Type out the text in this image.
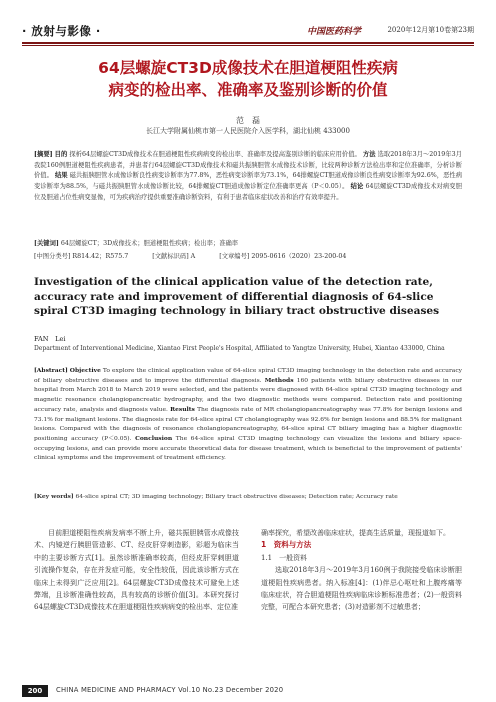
· 放射与影像 ·	中国医药科学	2020年12月第10卷第23期
64层螺旋CT3D成像技术在胆道梗阻性疾病
病变的检出率、准确率及鉴别诊断的价值
范　磊
长江大学附属仙桃市第一人民医院介入医学科，湖北仙桃 433000
[摘要] 目的 探析64层螺旋CT3D成像技术在胆道梗阻性疾病病变的检出率、准确率及提高鉴别诊断的临床应用价值。 方法 选取2018年3月～2019年3月我院160例胆道梗阻性疾病患者，并患者行64层螺旋CT3D成像技术和磁共振胰胆管水成像技术诊断，比较两种诊断方法检出率和定位准确率，分析诊断价值。 结果 磁共振胰胆管水成像诊断良性病变诊断率为77.8%，恶性病变诊断率为73.1%，64排螺旋CT胆道成像诊断良性病变诊断率为92.6%，恶性病变诊断率为88.5%，与磁共振胰胆管水成像诊断比较，64排螺旋CT胆道成像诊断定位准确率更高（P＜0.05）。 结论 64层螺旋CT3D成像技术对病变胆位及胆道占位性病变显像，可为疾病治疗提供重要准确诊断资料，有利于患者临床症状改善和治疗有效率提升。
[关键词] 64层螺旋CT；3D成像技术；胆道梗阻性疾病；检出率；准确率
[中图分类号] R814.42；R575.7	[文献标识码] A	[文章编号] 2095-0616（2020）23-200-04
Investigation of the clinical application value of the detection rate, accuracy rate and improvement of differential diagnosis of 64-slice spiral CT3D imaging technology in biliary tract obstructive diseases
FAN　Lei
Department of Interventional Medicine, Xiantao First People's Hospital, Affiliated to Yangtze University, Hubei, Xiantao 433000, China
[Abstract] Objective To explore the clinical application value of 64-slice spiral CT3D imaging technology in the detection rate and accuracy of biliary obstructive diseases and to improve the differential diagnosis. Methods 160 patients with biliary obstructive diseases in our hospital from March 2018 to March 2019 were selected, and the patients were diagnosed with 64-slice spiral CT3D imaging technology and magnetic resonance cholangiopancreatic hydrography, and the two diagnostic methods were compared. Detection rate and positioning accuracy rate, analysis and diagnosis value. Results The diagnosis rate of MR cholangiopancreatography was 77.8% for benign lesions and 73.1% for malignant lesions. The diagnosis rate for 64-slice spiral CT cholangiography was 92.6% for benign lesions and 88.5% for malignant lesions. Compared with the diagnosis of resonance cholangiopancreatography, 64-slice spiral CT biliary imaging has a higher diagnostic positioning accuracy (P＜0.05). Conclusion The 64-slice spiral CT3D imaging technology can visualize the lesions and biliary space-occupying lesions, and can provide more accurate theoretical data for disease treatment, which is beneficial to the improvement of patients' clinical symptoms and the improvement of treatment efficiency.
[Key words] 64-slice spiral CT; 3D imaging technology; Biliary tract obstructive diseases; Detection rate; Accuracy rate
目前胆道梗阻性疾病发病率不断上升，磁共振胆胰管水成像技术、内镜逆行胰胆管造影、CT、经皮肝穿刺造影，彩超为临床当中的主要诊断方式[1]。虽然诊断准确率较高，但经皮肝穿刺胆道引流操作复杂，存在并发症可能，安全性较低，因此该诊断方式在临床上未得到广泛应用[2]。64层螺旋CT3D成像技术可避免上述弊端，且诊断准确性较高，具有较高的诊断价值[3]。本研究探讨64层螺旋CT3D成像技术在胆道梗阻性疾病病变的检出率、定位准
确率探究，希望改善临床症状，提高生活质量，现报道如下。
1　资料与方法
1.1　一般资料
选取2018年3月～2019年3月160例于我院接受临床诊断胆道梗阻性疾病患者。纳入标准[4]：(1)伴忌心呕吐和上腹疼痛等临床症状，符合胆道梗阻性疾病临床诊断标准患者；(2)一般资料完整，可配合本研究患者；(3)对造影剂不过敏患者；
200	CHINA MEDICINE AND PHARMACY Vol.10 No.23 December 2020
